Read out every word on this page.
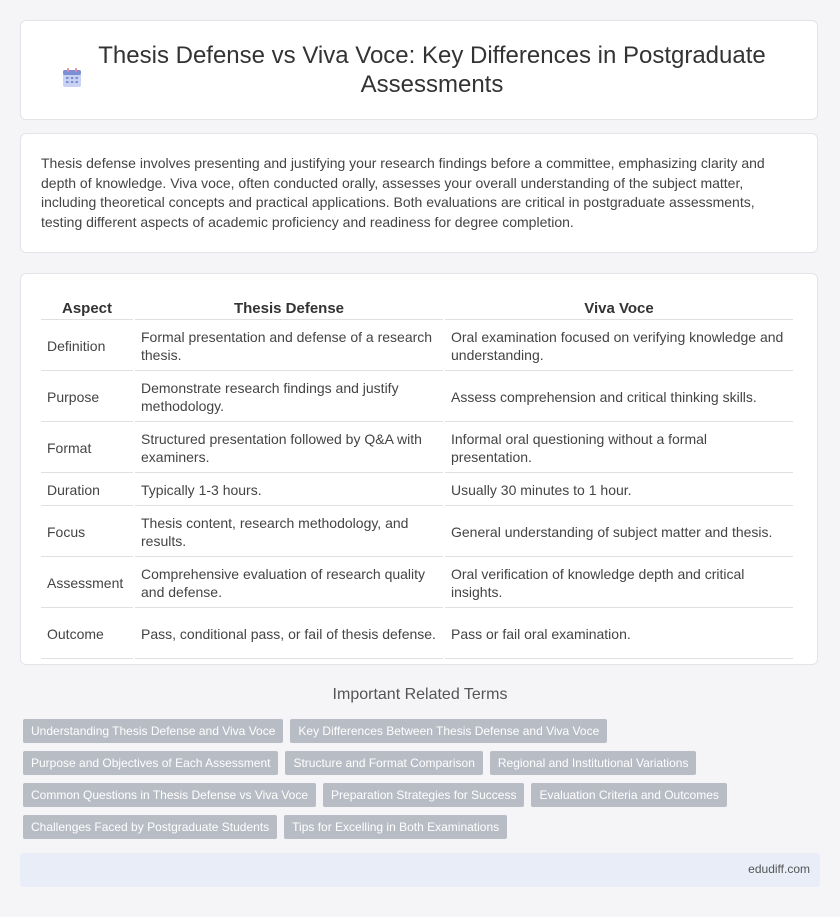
Thesis Defense vs Viva Voce: Key Differences in Postgraduate Assessments

Thesis defense involves presenting and justifying your research findings before a committee, emphasizing clarity and depth of knowledge. Viva voce, often conducted orally, assesses your overall understanding of the subject matter, including theoretical concepts and practical applications. Both evaluations are critical in postgraduate assessments, testing different aspects of academic proficiency and readiness for degree completion.

Aspect	Thesis Defense	Viva Voce
Definition	Formal presentation and defense of a research thesis.	Oral examination focused on verifying knowledge and understanding.
Purpose	Demonstrate research findings and justify methodology.	Assess comprehension and critical thinking skills.
Format	Structured presentation followed by Q&A with examiners.	Informal oral questioning without a formal presentation.
Duration	Typically 1-3 hours.	Usually 30 minutes to 1 hour.
Focus	Thesis content, research methodology, and results.	General understanding of subject matter and thesis.
Assessment	Comprehensive evaluation of research quality and defense.	Oral verification of knowledge depth and critical insights.
Outcome	Pass, conditional pass, or fail of thesis defense.	Pass or fail oral examination.
Important Related Terms
Understanding Thesis Defense and Viva Voce	Key Differences Between Thesis Defense and Viva Voce
Purpose and Objectives of Each Assessment	Structure and Format Comparison	Regional and Institutional Variations
Common Questions in Thesis Defense vs Viva Voce	Preparation Strategies for Success	Evaluation Criteria and Outcomes
Challenges Faced by Postgraduate Students	Tips for Excelling in Both Examinations
edudiff.com
